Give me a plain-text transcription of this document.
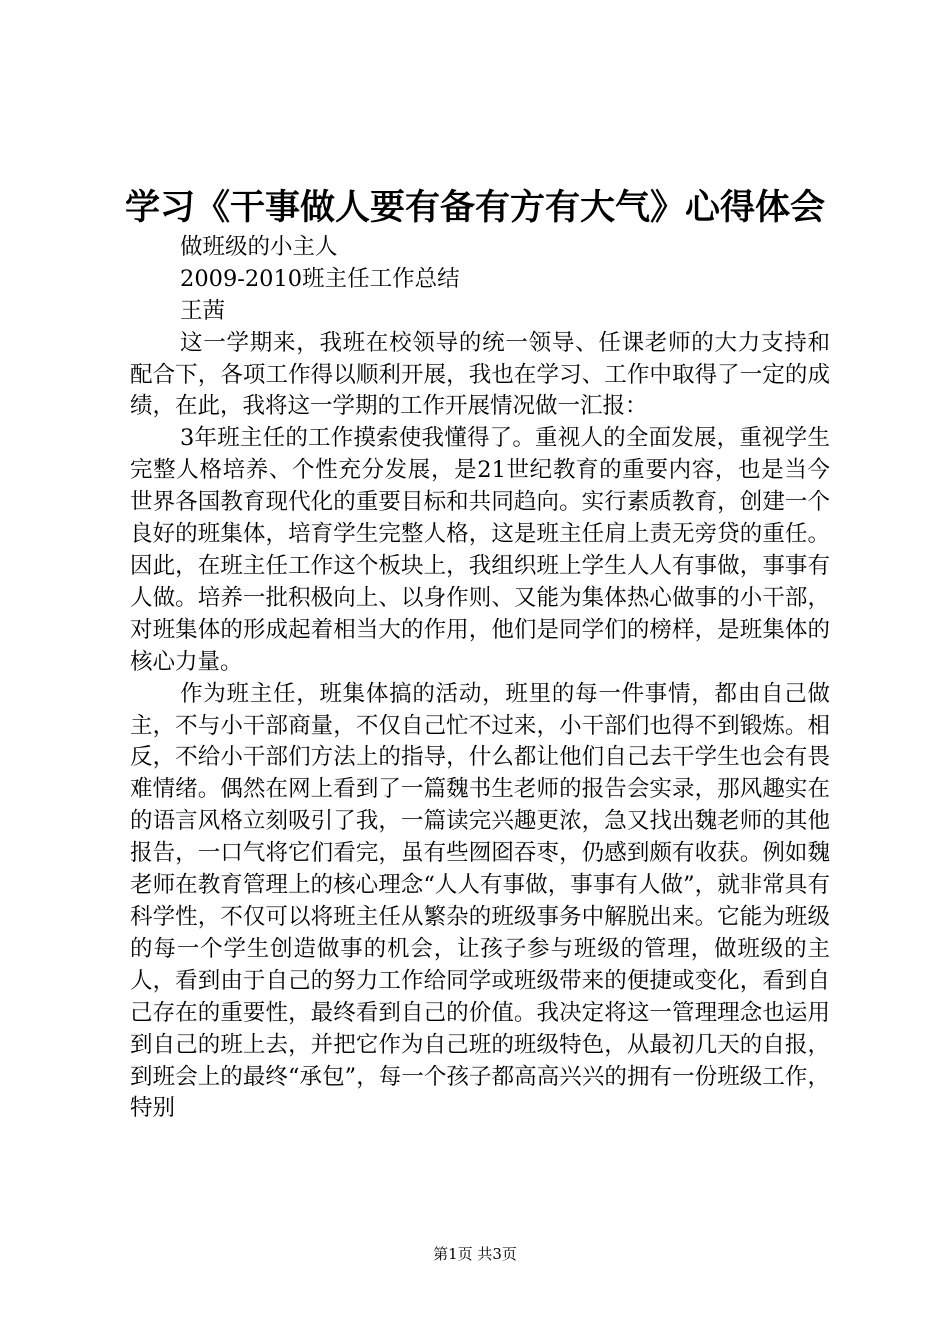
学习《干事做人要有备有方有大气》心得体会
做班级的小主人
2009-2010班主任工作总结
王茜

这一学期来，我班在校领导的统一领导、任课老师的大力支持和配合下，各项工作得以顺利开展，我也在学习、工作中取得了一定的成绩，在此，我将这一学期的工作开展情况做一汇报：

3年班主任的工作摸索使我懂得了。重视人的全面发展，重视学生完整人格培养、个性充分发展，是21世纪教育的重要内容，也是当今世界各国教育现代化的重要目标和共同趋向。实行素质教育，创建一个良好的班集体，培育学生完整人格，这是班主任肩上责无旁贷的重任。因此，在班主任工作这个板块上，我组织班上学生人人有事做，事事有人做。培养一批积极向上、以身作则、又能为集体热心做事的小干部，对班集体的形成起着相当大的作用，他们是同学们的榜样，是班集体的核心力量。

作为班主任，班集体搞的活动，班里的每一件事情，都由自己做主，不与小干部商量，不仅自己忙不过来，小干部们也得不到锻炼。相反，不给小干部们方法上的指导，什么都让他们自己去干学生也会有畏难情绪。偶然在网上看到了一篇魏书生老师的报告会实录，那风趣实在的语言风格立刻吸引了我，一篇读完兴趣更浓，急又找出魏老师的其他报告，一口气将它们看完，虽有些囫囵吞枣，仍感到颇有收获。例如魏老师在教育管理上的核心理念“人人有事做，事事有人做”，就非常具有科学性，不仅可以将班主任从繁杂的班级事务中解脱出来。它能为班级的每一个学生创造做事的机会，让孩子参与班级的管理，做班级的主人，看到由于自己的努力工作给同学或班级带来的便捷或变化，看到自己存在的重要性，最终看到自己的价值。我决定将这一管理理念也运用到自己的班上去，并把它作为自己班的班级特色，从最初几天的自报，到班会上的最终“承包”，每一个孩子都高高兴兴的拥有一份班级工作，特别

第1页 共3页
